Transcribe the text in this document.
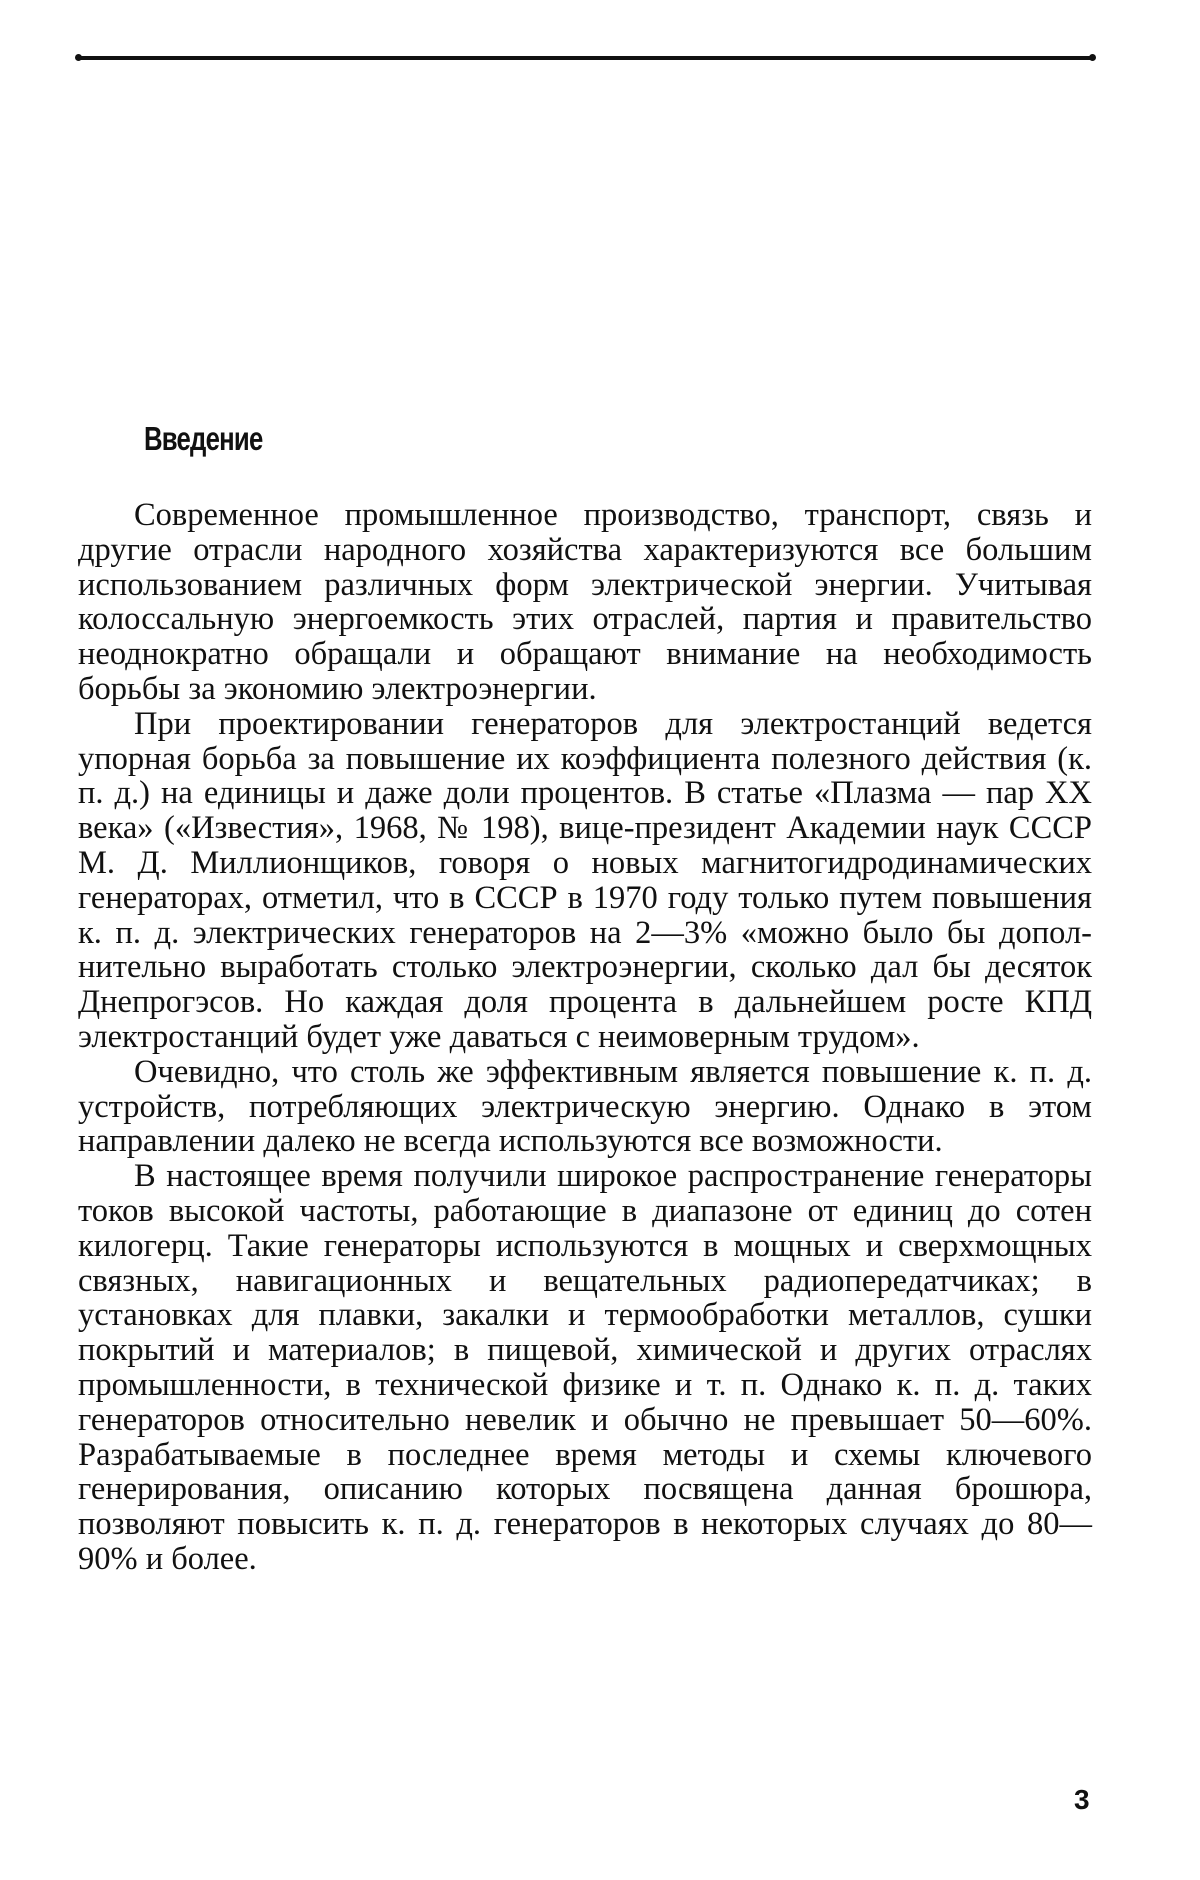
Введение

Современное промышленное производство, транспорт, связь и другие отрасли народного хозяйства характеризуются все большим использованием различных форм электрической энергии. Учитывая колоссальную энергоемкость этих отраслей, партия и правительство неоднократно обращали и обращают внимание на необходимость борьбы за экономию электроэнергии.

При проектировании генераторов для электростанций ведется упорная борьба за повышение их коэффициента полезного действия (к. п. д.) на единицы и даже доли процентов. В статье «Плазма — пар XX века» («Известия», 1968, № 198), вице-президент Академии наук СССР М. Д. Миллионщиков, говоря о новых магнитогидродинамических генераторах, отметил, что в СССР в 1970 году только путем повышения к. п. д. электрических генераторов на 2—3% «можно было бы дополнительно выработать столько электроэнергии, сколько дал бы десяток Днепрогэсов. Но каждая доля процента в дальнейшем росте КПД электростанций будет уже даваться с неимоверным трудом».

Очевидно, что столь же эффективным является повышение к. п. д. устройств, потребляющих электрическую энергию. Однако в этом направлении далеко не всегда используются все возможности.

В настоящее время получили широкое распространение генераторы токов высокой частоты, работающие в диапазоне от единиц до сотен килогерц. Такие генераторы используются в мощных и сверхмощных связных, навигационных и вещательных радиопередатчиках; в установках для плавки, закалки и термообработки металлов, сушки покрытий и материалов; в пищевой, химической и других отраслях промышленности, в технической физике и т. п. Однако к. п. д. таких генераторов относительно невелик и обычно не превышает 50—60%. Разрабатываемые в последнее время методы и схемы ключевого генерирования, описанию которых посвящена данная брошюра, позволяют повысить к. п. д. генераторов в некоторых случаях до 80—90% и более.

3
